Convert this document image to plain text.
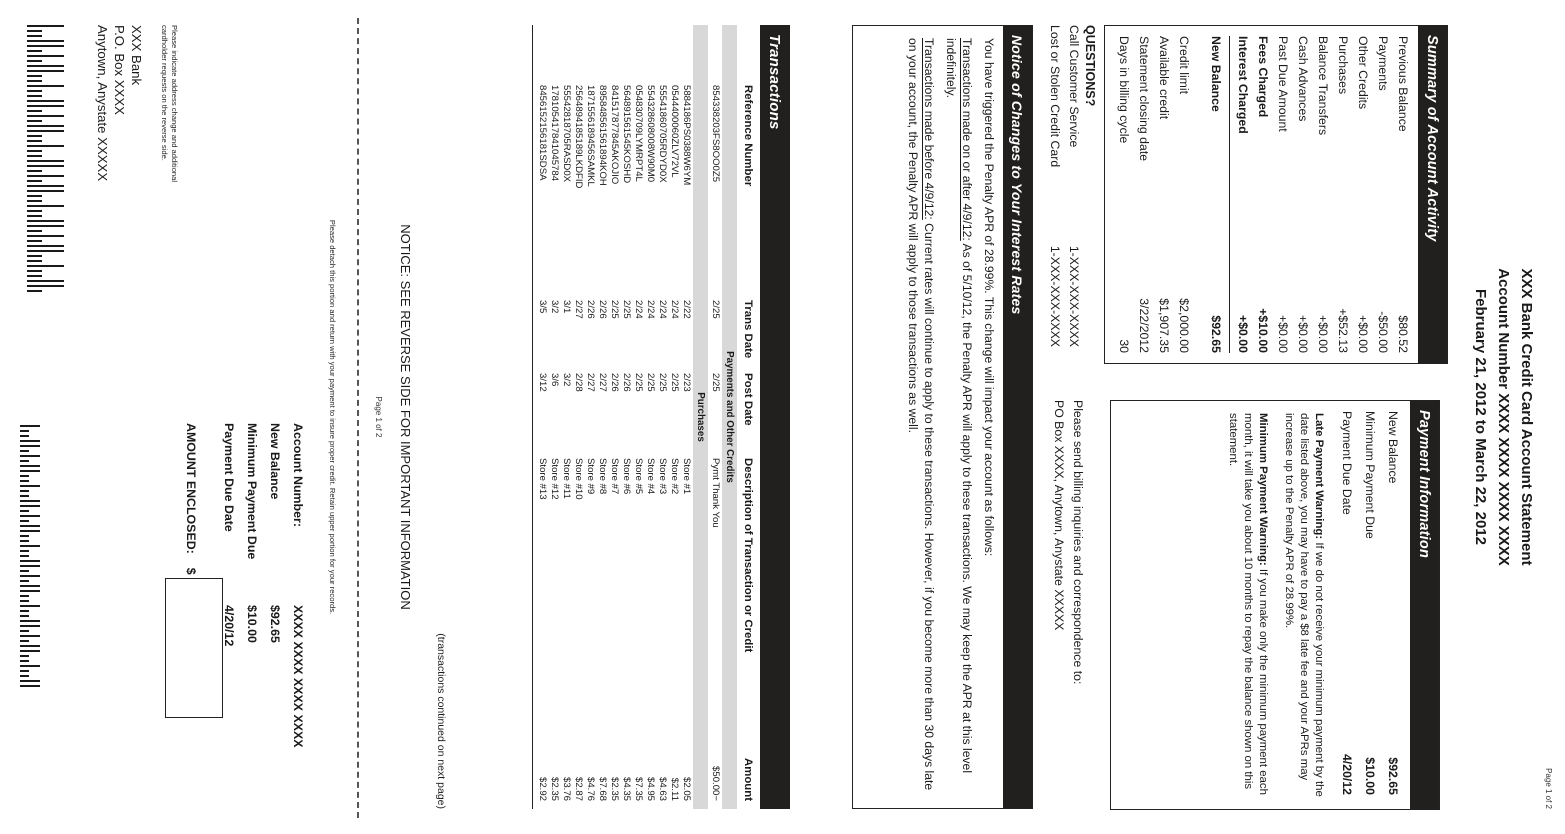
Page 1 of 2
XXX Bank Credit Card Account Statement
Account Number XXXX XXXX XXXX XXXX
February 21, 2012 to March 22, 2012
Summary of Account Activity
Previous Balance
$80.52
Payments
-$50.00
Other Credits
+$0.00
Purchases
+$52.13
Balance Transfers
+$0.00
Cash Advances
+$0.00
Past Due Amount
+$0.00
Fees Charged
+$10.00
Interest Charged
+$0.00
New Balance
$92.65
Credit limit
$2,000.00
Available credit
$1,907.35
Statement closing date
3/22/2012
Days in billing cycle
30
Payment Information
New Balance
$92.65
Minimum Payment Due
$10.00
Payment Due Date
4/20/12
Late Payment Warning: If we do not receive your minimum payment by the date listed above, you may have to pay a $8 late fee and your APRs may increase up to the Penalty APR of 28.99%.
Minimum Payment Warning: If you make only the minimum payment each month, it will take you about 10 months to repay the balance shown on this statement.
QUESTIONS?
Call Customer Service
1-XXX-XXX-XXXX
Lost or Stolen Credit Card
1-XXX-XXX-XXXX
Please send billing inquiries and correspondence to:
PO Box XXXX, Anytown, Anystate XXXXX
Notice of Changes to Your Interest Rates
You have triggered the Penalty APR of 28.99%. This change will impact your account as follows:
Transactions made on or after 4/9/12: As of 5/10/12, the Penalty APR will apply to these transactions. We may keep the APR at this level indefinitely.
Transactions made before 4/9/12: Current rates will continue to apply to these transactions. However, if you become more than 30 days late on your account, the Penalty APR will apply to those transactions as well.
Transactions
Reference Number
Trans Date
Post Date
Description of Transaction or Credit
Amount
Payments and Other Credits
854338203FS8OO0Z5
2/25
2/25
Pymt Thank You
$50.00−
Purchases
5884186PS0388W6YM
2/22
2/23
Store #1
$2.05
0544400060ZLV72VL
2/24
2/25
Store #2
$2.11
55541860705RDYD0X
2/24
2/25
Store #3
$4.63
554328608008W90M0
2/24
2/25
Store #4
$4.95
054830709LYMRPT4L
2/24
2/25
Store #5
$7.35
564891561545KOSHD
2/25
2/26
Store #6
$4.35
841517877845AKOJIO
2/25
2/26
Store #7
$2.35
895848561561894KOH
2/26
2/27
Store #8
$7.68
1871556189456SAMKL
2/26
2/27
Store #9
$4.76
2564894185189LKDFID
2/27
2/28
Store #10
$2.87
55542818705RASD0X
3/1
3/2
Store #11
$3.76
178105417841045784
3/2
3/6
Store #12
$2.35
8456152156181SDSA
3/5
3/12
Store #13
$2.92
(transactions continued on next page)
NOTICE: SEE REVERSE SIDE FOR IMPORTANT INFORMATION
Page 1 of 2
Please detach this portion and return with your payment to insure proper credit. Retain upper portion for your records.
Account Number:
XXXX XXXX XXXX XXXX
New Balance
$92.65
Minimum Payment Due
$10.00
Payment Due Date
4/20/12
AMOUNT ENCLOSED:
$
Please indicate address change and additional
cardholder requests on the reverse side.
XXX Bank
P.O. Box XXXX
Anytown, Anystate XXXXX
